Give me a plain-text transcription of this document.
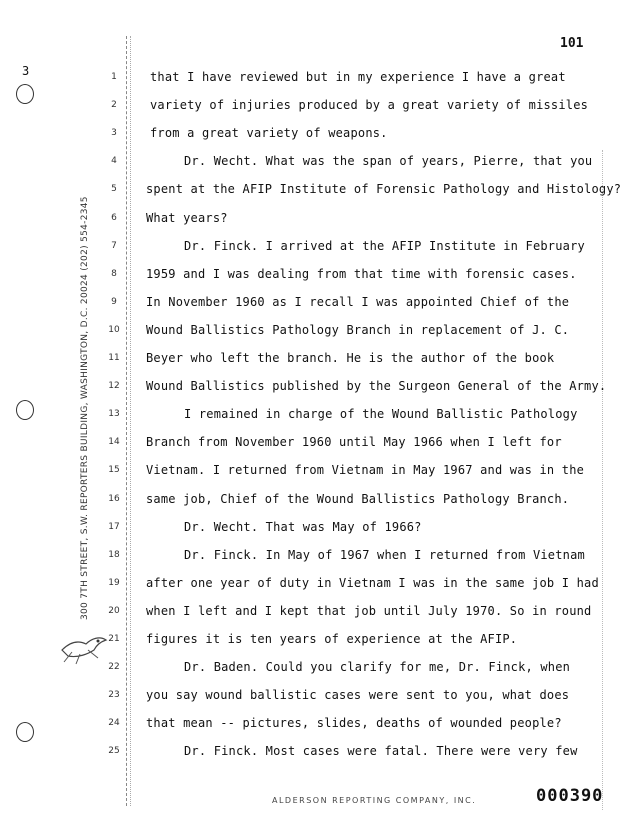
101
3
300 7TH STREET, S.W. REPORTERS BUILDING, WASHINGTON, D.C. 20024 (202) 554-2345
1	that I have reviewed but in my experience I have a great
2	variety of injuries produced by a great variety of missiles
3	from a great variety of weapons.
4	Dr. Wecht. What was the span of years, Pierre, that you
5	spent at the AFIP Institute of Forensic Pathology and Histology?
6	What years?
7	Dr. Finck. I arrived at the AFIP Institute in February
8	1959 and I was dealing from that time with forensic cases.
9	In November 1960 as I recall I was appointed Chief of the
10	Wound Ballistics Pathology Branch in replacement of J. C.
11	Beyer who left the branch. He is the author of the book
12	Wound Ballistics published by the Surgeon General of the Army.
13	I remained in charge of the Wound Ballistic Pathology
14	Branch from November 1960 until May 1966 when I left for
15	Vietnam. I returned from Vietnam in May 1967 and was in the
16	same job, Chief of the Wound Ballistics Pathology Branch.
17	Dr. Wecht. That was May of 1966?
18	Dr. Finck. In May of 1967 when I returned from Vietnam
19	after one year of duty in Vietnam I was in the same job I had
20	when I left and I kept that job until July 1970. So in round
21	figures it is ten years of experience at the AFIP.
22	Dr. Baden. Could you clarify for me, Dr. Finck, when
23	you say wound ballistic cases were sent to you, what does
24	that mean -- pictures, slides, deaths of wounded people?
25	Dr. Finck. Most cases were fatal. There were very few
ALDERSON REPORTING COMPANY, INC.	000390
